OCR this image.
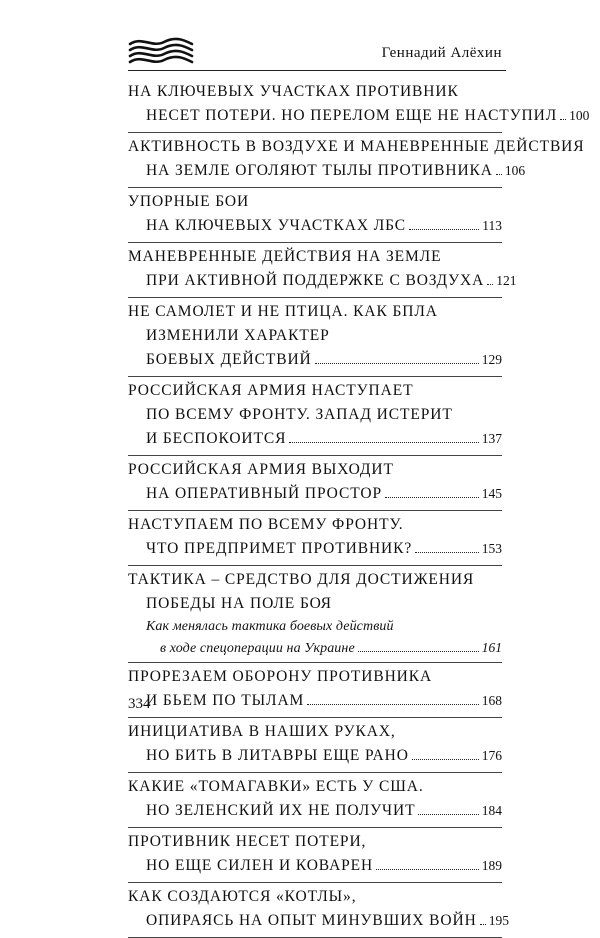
Геннадий Алёхин
НА КЛЮЧЕВЫХ УЧАСТКАХ ПРОТИВНИК
НЕСЕТ ПОТЕРИ. НО ПЕРЕЛОМ ЕЩЕ НЕ НАСТУПИЛ 100
АКТИВНОСТЬ В ВОЗДУХЕ И МАНЕВРЕННЫЕ ДЕЙСТВИЯ
НА ЗЕМЛЕ ОГОЛЯЮТ ТЫЛЫ ПРОТИВНИКА 106
УПОРНЫЕ БОИ
НА КЛЮЧЕВЫХ УЧАСТКАХ ЛБС	113
МАНЕВРЕННЫЕ ДЕЙСТВИЯ НА ЗЕМЛЕ
ПРИ АКТИВНОЙ ПОДДЕРЖКЕ С ВОЗДУХА 121
НЕ САМОЛЕТ И НЕ ПТИЦА. КАК БПЛА
ИЗМЕНИЛИ ХАРАКТЕР
БОЕВЫХ ДЕЙСТВИЙ	129
РОССИЙСКАЯ АРМИЯ НАСТУПАЕТ
ПО ВСЕМУ ФРОНТУ. ЗАПАД ИСТЕРИТ
И БЕСПОКОИТСЯ	137
РОССИЙСКАЯ АРМИЯ ВЫХОДИТ
НА ОПЕРАТИВНЫЙ ПРОСТОР	145
НАСТУПАЕМ ПО ВСЕМУ ФРОНТУ.
ЧТО ПРЕДПРИМЕТ ПРОТИВНИК?	153
ТАКТИКА – СРЕДСТВО ДЛЯ ДОСТИЖЕНИЯ
ПОБЕДЫ НА ПОЛЕ БОЯ
Как менялась тактика боевых действий
в ходе спецоперации на Украине	161
ПРОРЕЗАЕМ ОБОРОНУ ПРОТИВНИКА
И БЬЕМ ПО ТЫЛАМ	168
ИНИЦИАТИВА В НАШИХ РУКАХ,
НО БИТЬ В ЛИТАВРЫ ЕЩЕ РАНО	176
КАКИЕ «ТОМАГАВКИ» ЕСТЬ У США.
НО ЗЕЛЕНСКИЙ ИХ НЕ ПОЛУЧИТ	184
ПРОТИВНИК НЕСЕТ ПОТЕРИ,
НО ЕЩЕ СИЛЕН И КОВАРЕН	189
КАК СОЗДАЮТСЯ «КОТЛЫ»,
ОПИРАЯСЬ НА ОПЫТ МИНУВШИХ ВОЙН 195
334
